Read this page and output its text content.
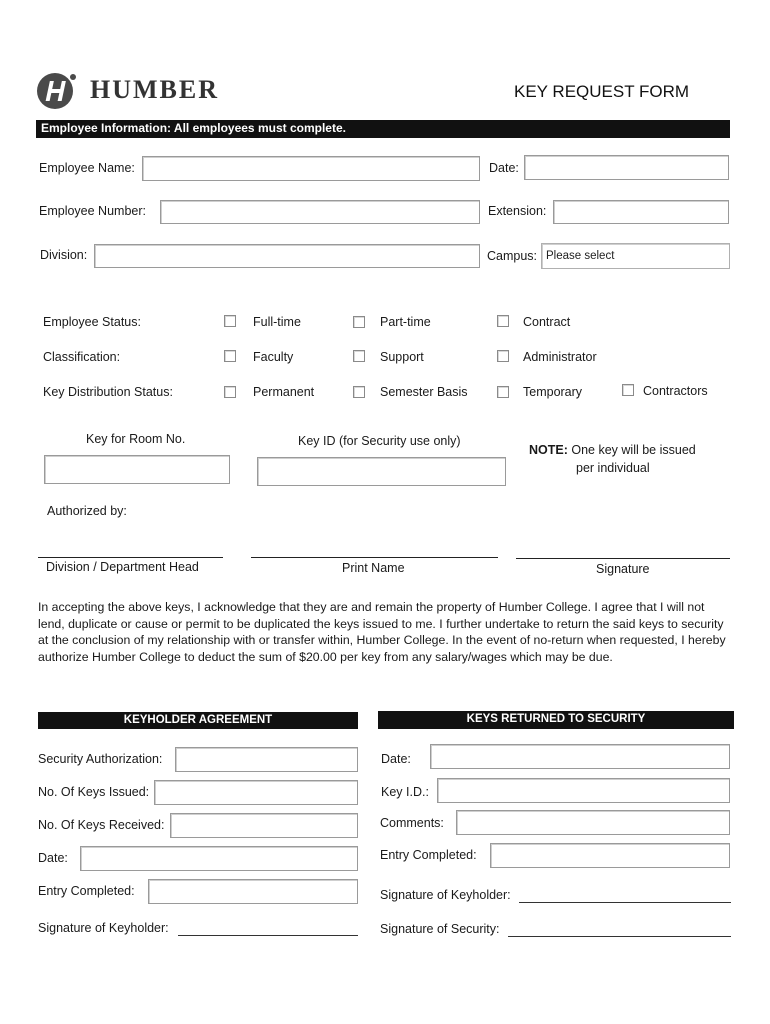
HUMBER	KEY REQUEST FORM
Employee Information: All employees must complete.
Employee Name:	Date:
Employee Number:	Extension:
Division:	Campus: Please select
Employee Status:	Full-time	Part-time	Contract
Classification:	Faculty	Support	Administrator
Key Distribution Status:	Permanent	Semester Basis	Temporary	Contractors
Key for Room No.	Key ID (for Security use only)
NOTE: One key will be issued
per individual
Authorized by:
Division / Department Head	Print Name	Signature
In accepting the above keys, I acknowledge that they are and remain the property of Humber College. I agree that I will not lend, duplicate or cause or permit to be duplicated the keys issued to me. I further undertake to return the said keys to security at the conclusion of my relationship with or transfer within, Humber College. In the event of no-return when requested, I hereby authorize Humber College to deduct the sum of $20.00 per key from any salary/wages which may be due.
KEYHOLDER AGREEMENT
Security Authorization:
No. Of Keys Issued:
No. Of Keys Received:
Date:
Entry Completed:
Signature of Keyholder:
KEYS RETURNED TO SECURITY
Date:
Key I.D.:
Comments:
Entry Completed:
Signature of Keyholder:
Signature of Security:
